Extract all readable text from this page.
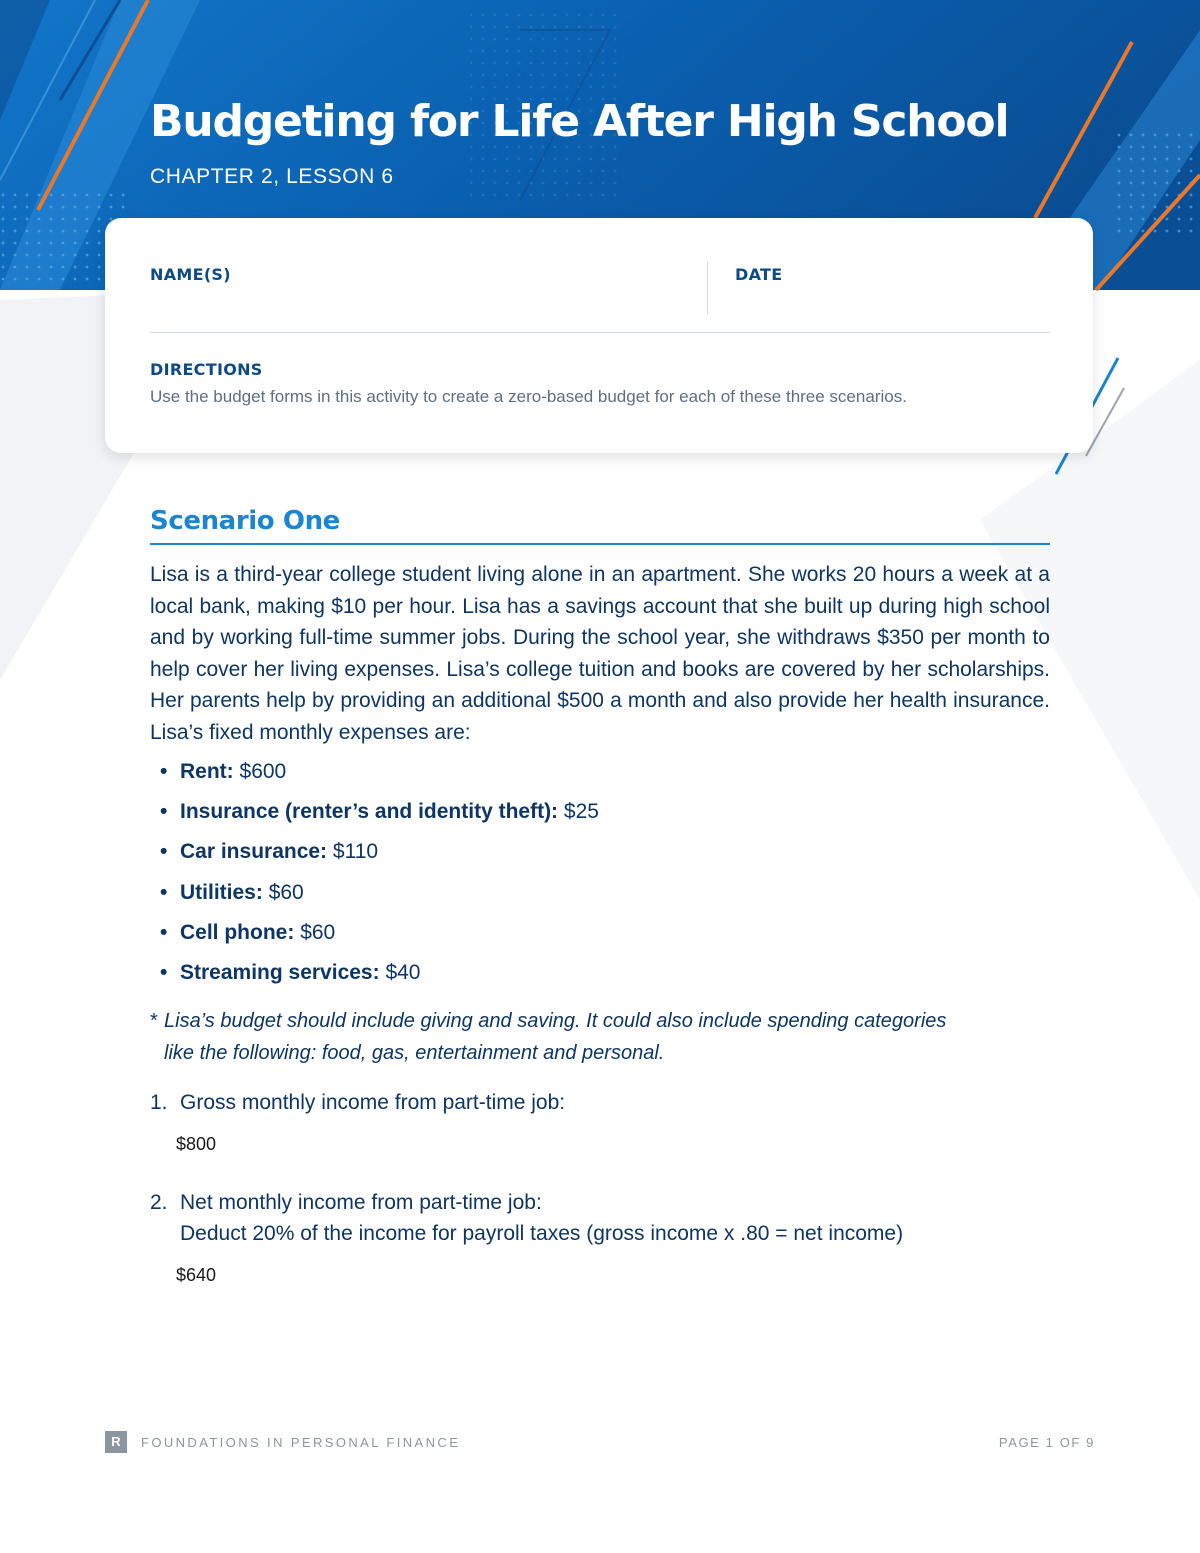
Budgeting for Life After High School
CHAPTER 2, LESSON 6
NAME(S)	DATE
DIRECTIONS
Use the budget forms in this activity to create a zero-based budget for each of these three scenarios.
Scenario One

Lisa is a third-year college student living alone in an apartment. She works 20 hours a week at a local bank, making $10 per hour. Lisa has a savings account that she built up during high school and by working full-time summer jobs. During the school year, she withdraws $350 per month to help cover her living expenses. Lisa’s college tuition and books are covered by her scholarships. Her parents help by providing an additional $500 a month and also provide her health insurance. Lisa’s fixed monthly expenses are:

• Rent: $600
• Insurance (renter’s and identity theft): $25
• Car insurance: $110
• Utilities: $60
• Cell phone: $60
• Streaming services: $40

* Lisa’s budget should include giving and saving. It could also include spending categories
like the following: food, gas, entertainment and personal.

1. Gross monthly income from part-time job:
$800
2. Net monthly income from part-time job:
Deduct 20% of the income for payroll taxes (gross income x .80 = net income)
$640
R	FOUNDATIONS IN PERSONAL FINANCE	PAGE 1 OF 9
